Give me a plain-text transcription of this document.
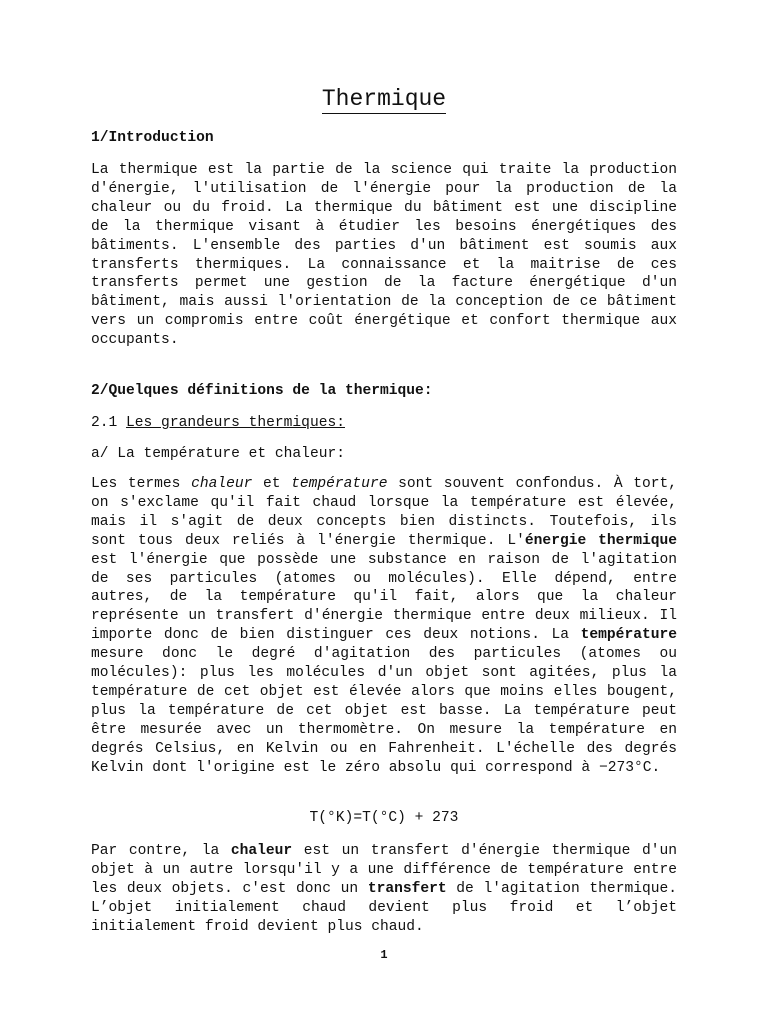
Thermique
1/Introduction
La thermique est la partie de la science qui traite la production d'énergie, l'utilisation de l'énergie pour la production de la chaleur ou du froid. La thermique du bâtiment est une discipline de la thermique visant à étudier les besoins énergétiques des bâtiments. L'ensemble des parties d'un bâtiment est soumis aux transferts thermiques. La connaissance et la maitrise de ces transferts permet une gestion de la facture énergétique d'un bâtiment, mais aussi l'orientation de la conception de ce bâtiment vers un compromis entre coût énergétique et confort thermique aux occupants.
2/Quelques définitions de la thermique:
2.1 Les grandeurs thermiques:
a/ La température et chaleur:
Les termes chaleur et température sont souvent confondus. À tort, on s'exclame qu'il fait chaud lorsque la température est élevée, mais il s'agit de deux concepts bien distincts. Toutefois, ils sont tous deux reliés à l'énergie thermique. L'énergie thermique est l'énergie que possède une substance en raison de l'agitation de ses particules (atomes ou molécules). Elle dépend, entre autres, de la température qu'il fait, alors que la chaleur représente un transfert d'énergie thermique entre deux milieux. Il importe donc de bien distinguer ces deux notions. La température mesure donc le degré d'agitation des particules (atomes ou molécules): plus les molécules d'un objet sont agitées, plus la température de cet objet est élevée alors que moins elles bougent, plus la température de cet objet est basse. La température peut être mesurée avec un thermomètre. On mesure la température en degrés Celsius, en Kelvin ou en Fahrenheit. L'échelle des degrés Kelvin dont l'origine est le zéro absolu qui correspond à −273°C.
T(°K)=T(°C) + 273
Par contre, la chaleur est un transfert d'énergie thermique d'un objet à un autre lorsqu'il y a une différence de température entre les deux objets. c'est donc un transfert de l'agitation thermique. L’objet initialement chaud devient plus froid et l’objet initialement froid devient plus chaud.
1
